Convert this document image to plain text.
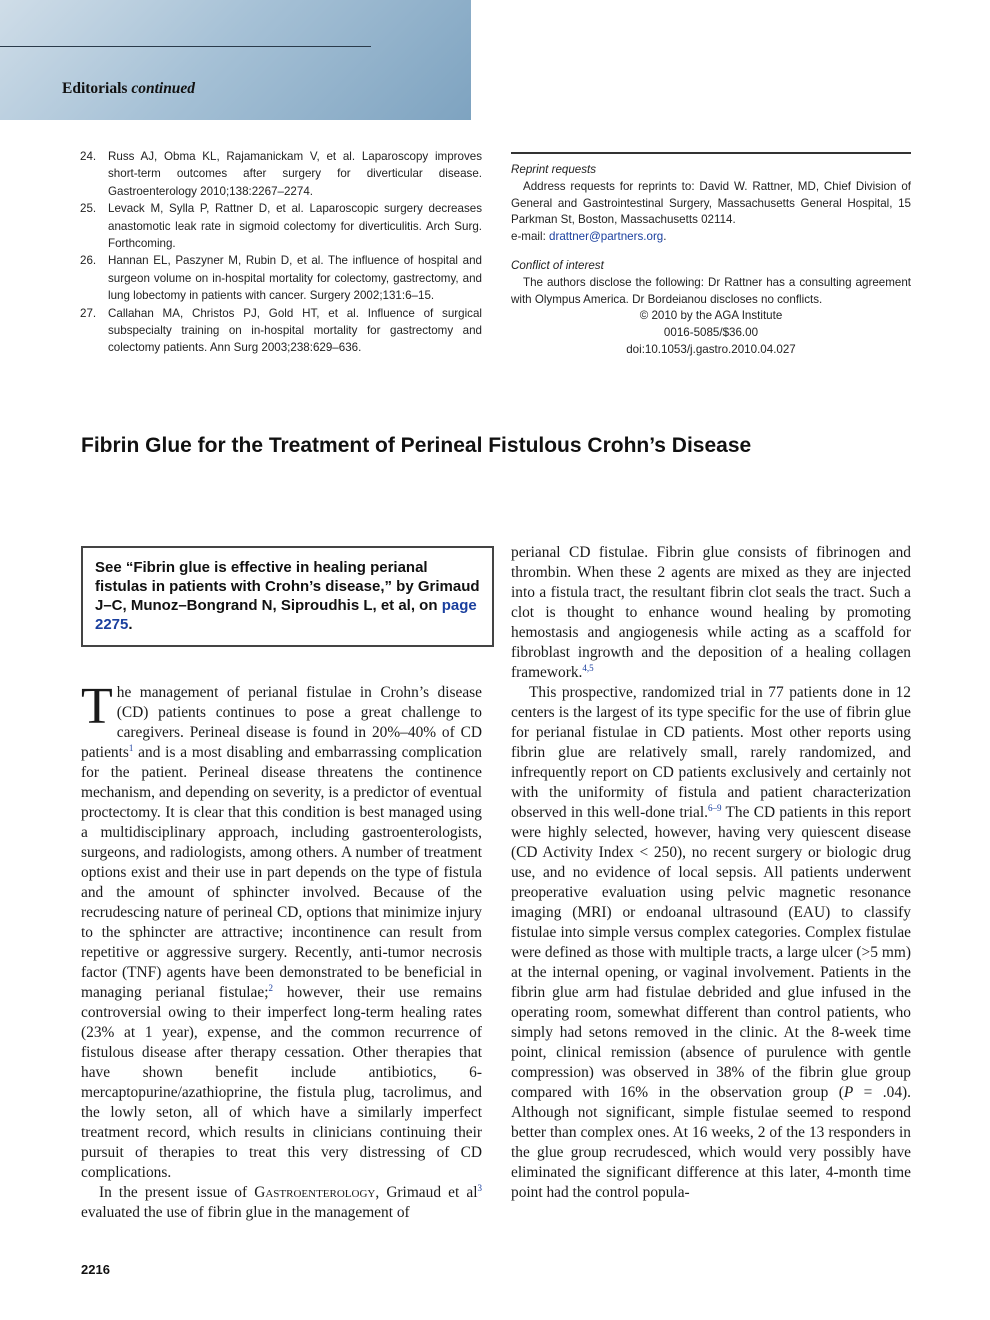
Editorials continued
24. Russ AJ, Obma KL, Rajamanickam V, et al. Laparoscopy improves short-term outcomes after surgery for diverticular disease. Gastroenterology 2010;138:2267–2274.
25. Levack M, Sylla P, Rattner D, et al. Laparoscopic surgery decreases anastomotic leak rate in sigmoid colectomy for diverticulitis. Arch Surg. Forthcoming.
26. Hannan EL, Paszyner M, Rubin D, et al. The influence of hospital and surgeon volume on in-hospital mortality for colectomy, gastrectomy, and lung lobectomy in patients with cancer. Surgery 2002;131:6–15.
27. Callahan MA, Christos PJ, Gold HT, et al. Influence of surgical subspecialty training on in-hospital mortality for gastrectomy and colectomy patients. Ann Surg 2003;238:629–636.
Reprint requests
Address requests for reprints to: David W. Rattner, MD, Chief Division of General and Gastrointestinal Surgery, Massachusetts General Hospital, 15 Parkman St, Boston, Massachusetts 02114.
e-mail: drattner@partners.org.
Conflict of interest
The authors disclose the following: Dr Rattner has a consulting agreement with Olympus America. Dr Bordeianou discloses no conflicts.
© 2010 by the AGA Institute
0016-5085/$36.00
doi:10.1053/j.gastro.2010.04.027
Fibrin Glue for the Treatment of Perineal Fistulous Crohn’s Disease
See “Fibrin glue is effective in healing perianal fistulas in patients with Crohn’s disease,” by Grimaud J–C, Munoz–Bongrand N, Siproudhis L, et al, on page 2275.

The management of perianal fistulae in Crohn’s disease (CD) patients continues to pose a great challenge to caregivers. Perineal disease is found in 20%–40% of CD patients$^1$ and is a most disabling and embarrassing complication for the patient. Perineal disease threatens the continence mechanism, and depending on severity, is a predictor of eventual proctectomy. It is clear that this condition is best managed using a multidisciplinary approach, including gastroenterologists, surgeons, and radiologists, among others. A number of treatment options exist and their use in part depends on the type of fistula and the amount of sphincter involved. Because of the recrudescing nature of perineal CD, options that minimize injury to the sphincter are attractive; incontinence can result from repetitive or aggressive surgery. Recently, anti-tumor necrosis factor (TNF) agents have been demonstrated to be beneficial in managing perianal fistulae;$^2$ however, their use remains controversial owing to their imperfect long-term healing rates (23% at 1 year), expense, and the common recurrence of fistulous disease after therapy cessation. Other therapies that have shown benefit include antibiotics, 6-mercaptopurine/azathioprine, the fistula plug, tacrolimus, and the lowly seton, all of which have a similarly imperfect treatment record, which results in clinicians continuing their pursuit of therapies to treat this very distressing of CD complications.

In the present issue of Gastroenterology, Grimaud et $al^3$ evaluated the use of fibrin glue in the management of

perianal CD fistulae. Fibrin glue consists of fibrinogen and thrombin. When these 2 agents are mixed as they are injected into a fistula tract, the resultant fibrin clot seals the tract. Such a clot is thought to enhance wound healing by promoting hemostasis and angiogenesis while acting as a scaffold for fibroblast ingrowth and the deposition of a healing collagen framework.$^{4,5}$

This prospective, randomized trial in 77 patients done in 12 centers is the largest of its type specific for the use of fibrin glue for perianal fistulae in CD patients. Most other reports using fibrin glue are relatively small, rarely randomized, and infrequently report on CD patients exclusively and certainly not with the uniformity of fistula and patient characterization observed in this well-done trial.$^{6-9}$ The CD patients in this report were highly selected, however, having very quiescent disease (CD Activity Index < 250), no recent surgery or biologic drug use, and no evidence of local sepsis. All patients underwent preoperative evaluation using pelvic magnetic resonance imaging (MRI) or endoanal ultrasound (EAU) to classify fistulae into simple versus complex categories. Complex fistulae were defined as those with multiple tracts, a large ulcer (>5 mm) at the internal opening, or vaginal involvement. Patients in the fibrin glue arm had fistulae debrided and glue infused in the operating room, somewhat different than control patients, who simply had setons removed in the clinic. At the 8-week time point, clinical remission (absence of purulence with gentle compression) was observed in 38% of the fibrin glue group compared with 16% in the observation group (P = .04). Although not significant, simple fistulae seemed to respond better than complex ones. At 16 weeks, 2 of the 13 responders in the glue group recrudesced, which would very possibly have eliminated the significant difference at this later, 4-month time point had the control popula-

2216
